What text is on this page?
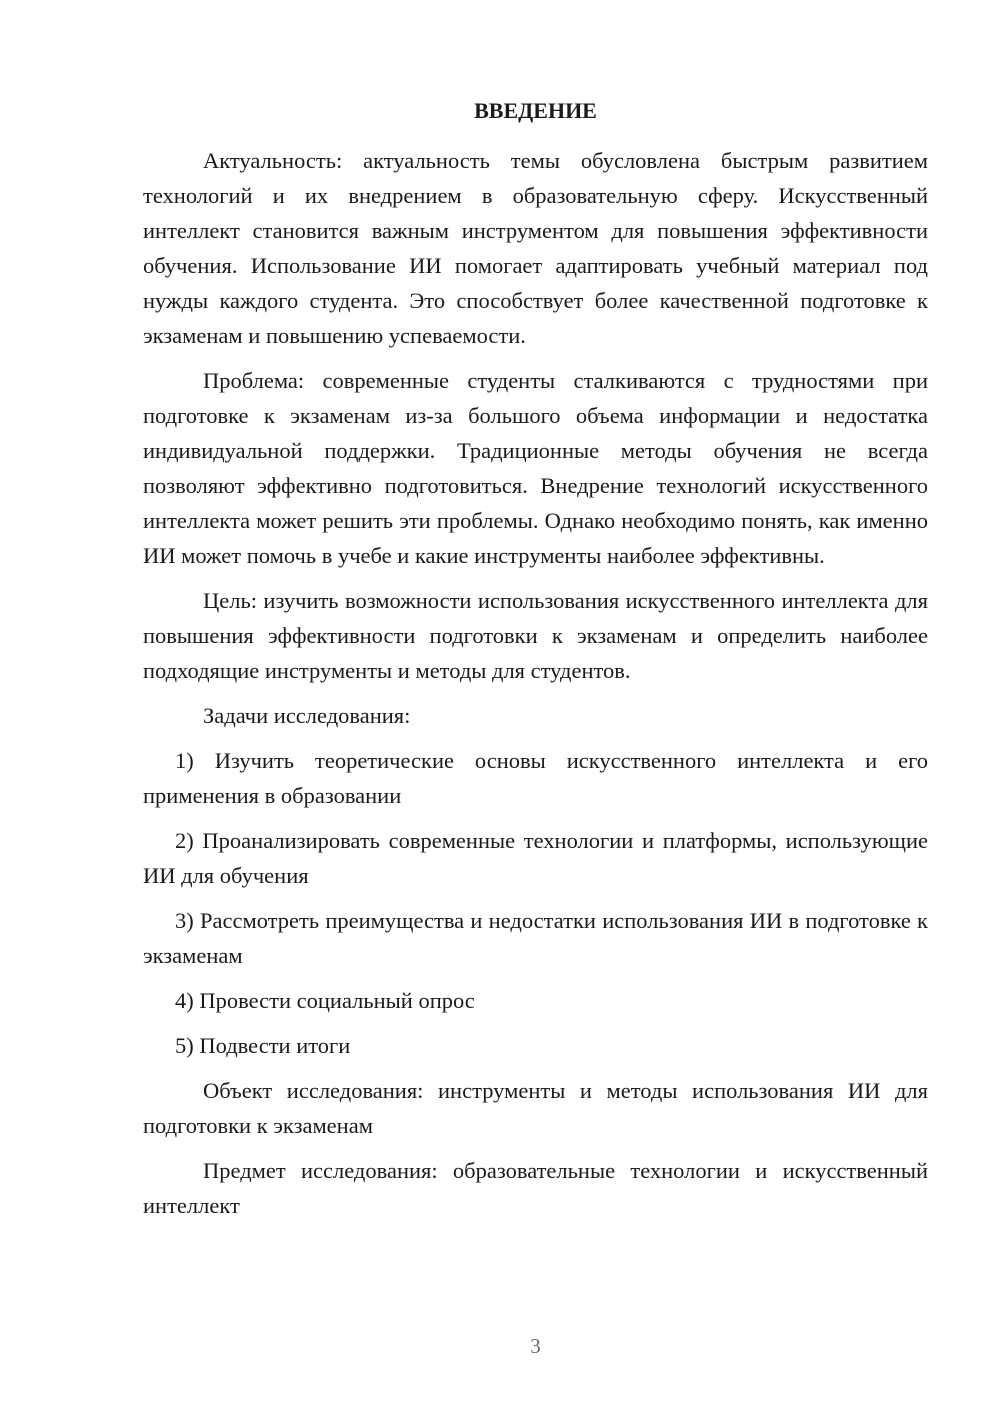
ВВЕДЕНИЕ

Актуальность: актуальность темы обусловлена быстрым развитием технологий и их внедрением в образовательную сферу. Искусственный интеллект становится важным инструментом для повышения эффективности обучения. Использование ИИ помогает адаптировать учебный материал под нужды каждого студента. Это способствует более качественной подготовке к экзаменам и повышению успеваемости.

Проблема: современные студенты сталкиваются с трудностями при подготовке к экзаменам из-за большого объема информации и недостатка индивидуальной поддержки. Традиционные методы обучения не всегда позволяют эффективно подготовиться. Внедрение технологий искусственного интеллекта может решить эти проблемы. Однако необходимо понять, как именно ИИ может помочь в учебе и какие инструменты наиболее эффективны.

Цель: изучить возможности использования искусственного интеллекта для повышения эффективности подготовки к экзаменам и определить наиболее подходящие инструменты и методы для студентов.

Задачи исследования:

1) Изучить теоретические основы искусственного интеллекта и его применения в образовании

2) Проанализировать современные технологии и платформы, использующие ИИ для обучения

3) Рассмотреть преимущества и недостатки использования ИИ в подготовке к экзаменам

4) Провести социальный опрос

5) Подвести итоги

Объект исследования: инструменты и методы использования ИИ для подготовки к экзаменам

Предмет исследования: образовательные технологии и искусственный интеллект

3
